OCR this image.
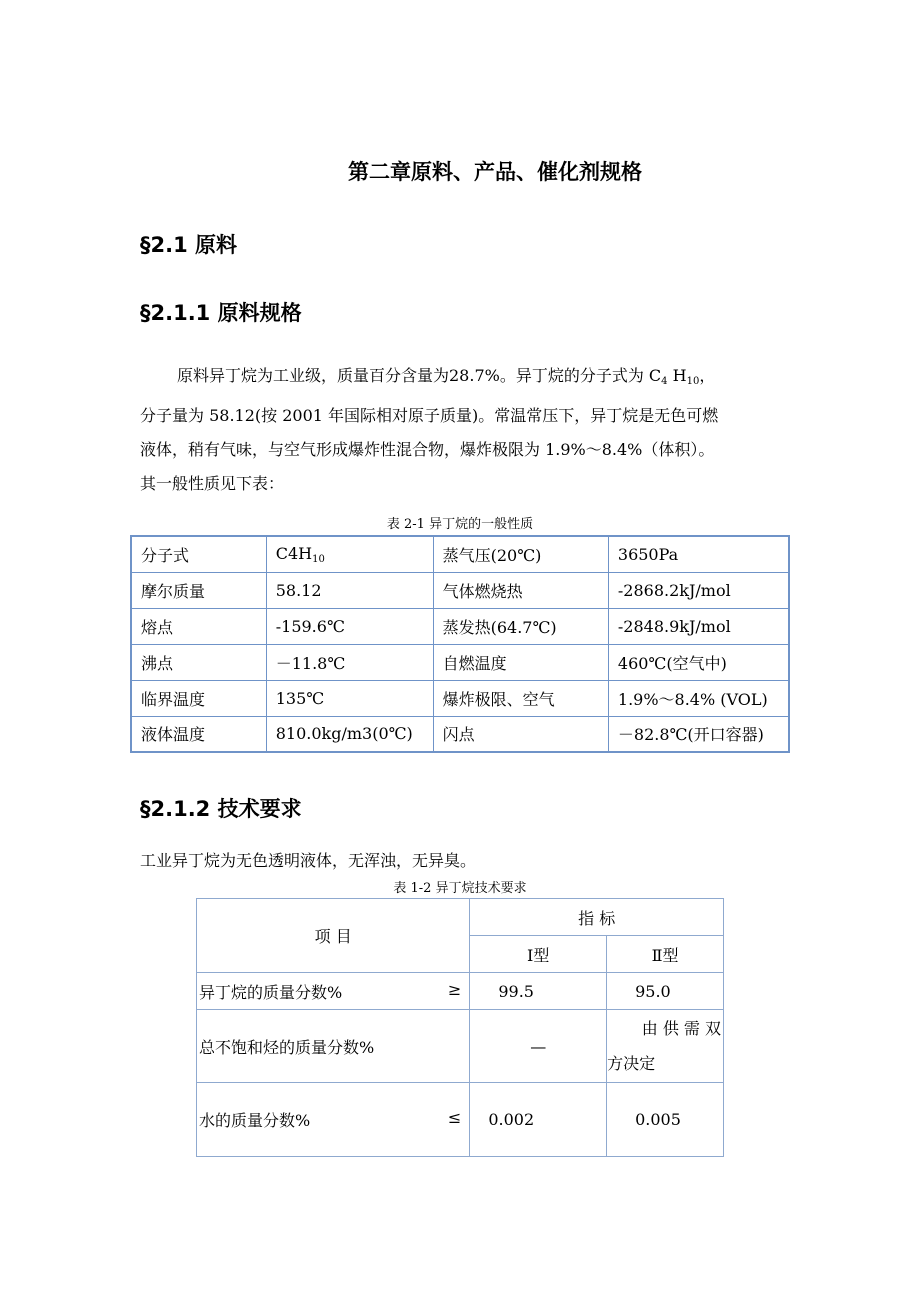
第二章原料、产品、催化剂规格
§2.1 原料
§2.1.1 原料规格
原料异丁烷为工业级，质量百分含量为28.7%。异丁烷的分子式为 $C_4$ $H_{10}$，
分子量为 58.12(按 2001 年国际相对原子质量)。常温常压下，异丁烷是无色可燃
液体，稍有气味，与空气形成爆炸性混合物，爆炸极限为 1.9%～8.4%（体积）。
其一般性质见下表：
表 2-1 异丁烷的一般性质
分子式	$C4H_{10}$	蒸气压(20℃)	3650Pa
摩尔质量	58.12	气体燃烧热	-2868.2kJ/mol
熔点	-159.6℃	蒸发热(64.7℃)	-2848.9kJ/mol
沸点	－11.8℃	自燃温度	460℃(空气中)
临界温度	135℃	爆炸极限、空气	1.9%～8.4% (VOL)
液体温度	810.0kg/m3(0℃)	闪点	－82.8℃(开口容器)
§2.1.2 技术要求
工业异丁烷为无色透明液体，无浑浊，无异臭。
表 1-2 异丁烷技术要求
项 目	指 标	
	Ⅰ型	Ⅱ型

异丁烷的质量分数% ≥	99.5	95.0
总不饱和烃的质量分数%	—	由 供 需 双
方决定

水的质量分数% ≤	0.002	0.005
